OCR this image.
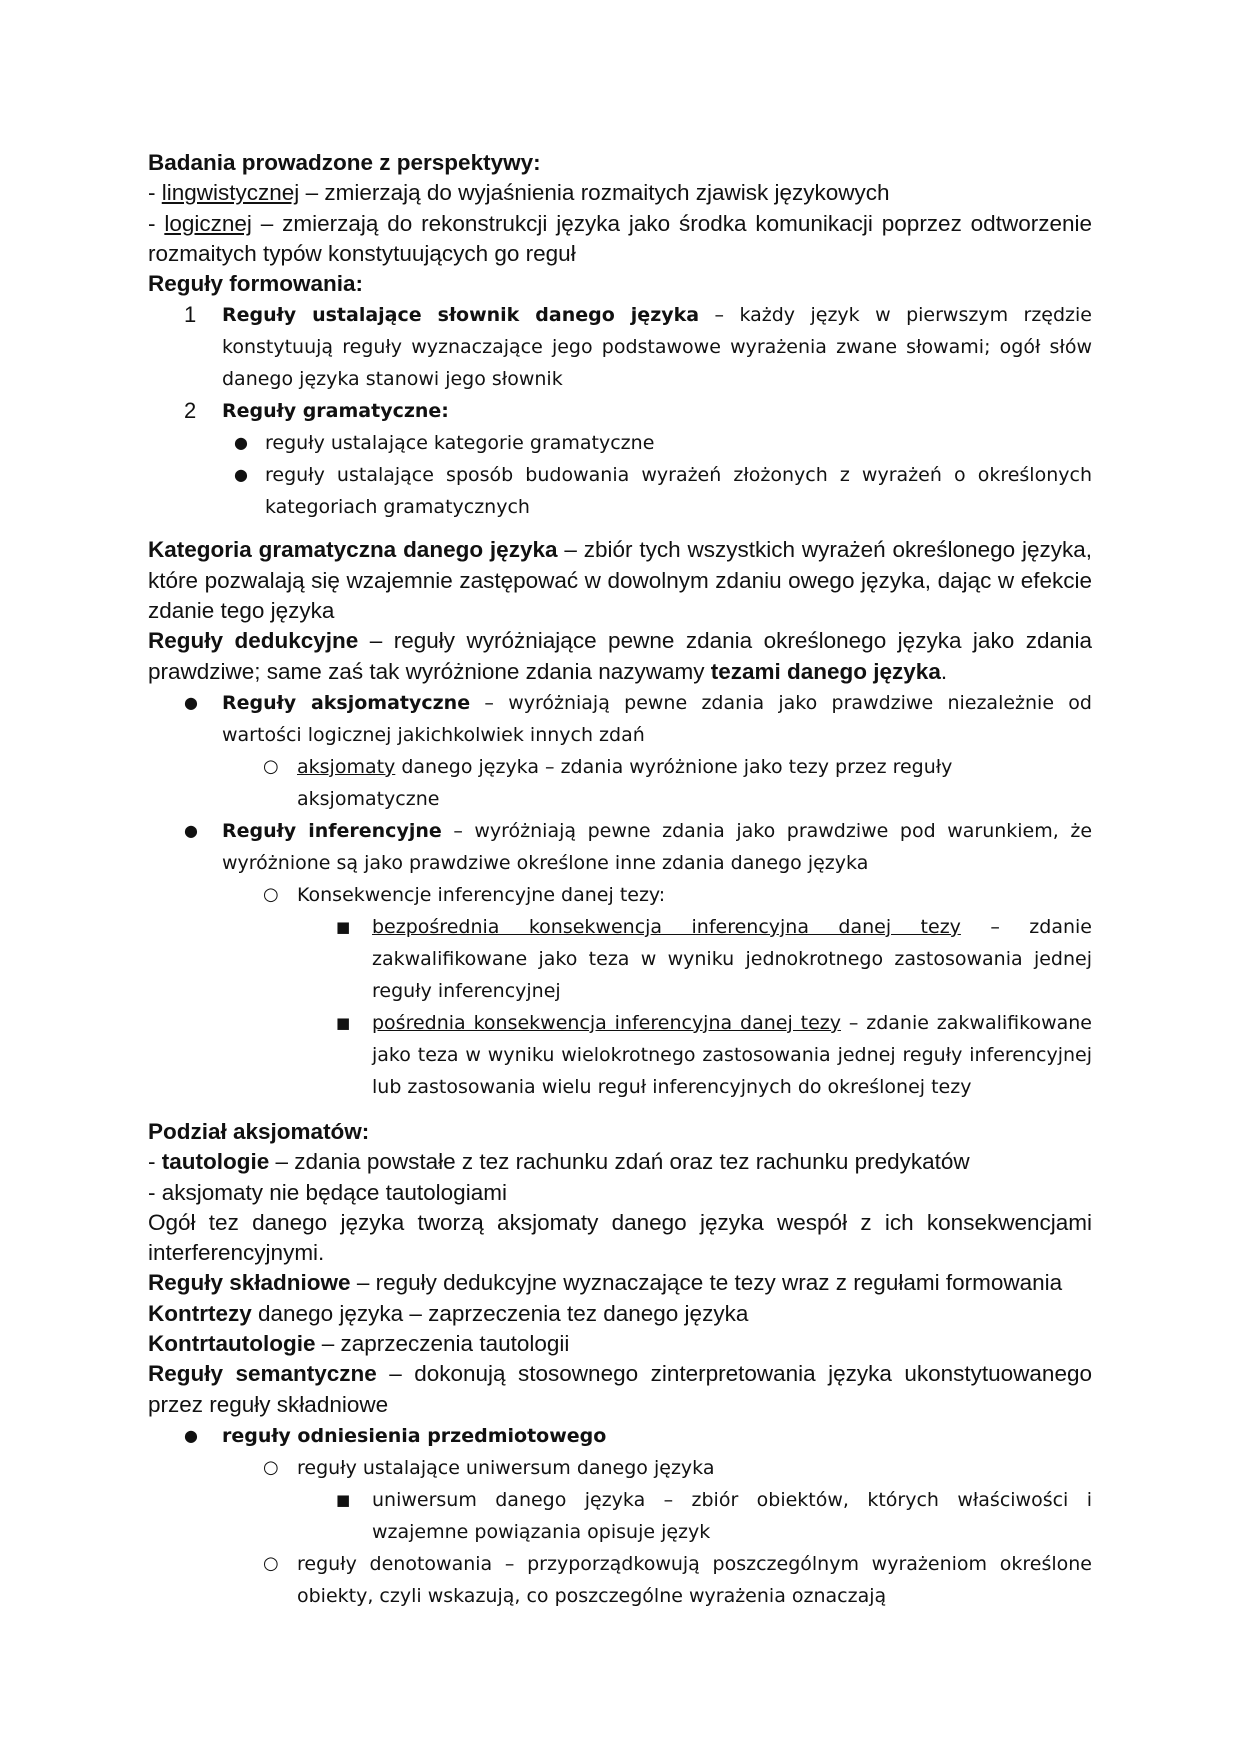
Badania prowadzone z perspektywy:

- lingwistycznej – zmierzają do wyjaśnienia rozmaitych zjawisk językowych

- logicznej – zmierzają do rekonstrukcji języka jako środka komunikacji poprzez odtworzenie rozmaitych typów konstytuujących go reguł

Reguły formowania:

1 Reguły ustalające słownik danego języka – każdy język w pierwszym rzędzie konstytuują reguły wyznaczające jego podstawowe wyrażenia zwane słowami; ogół słów danego języka stanowi jego słownik
2 Reguły gramatyczne:
● reguły ustalające kategorie gramatyczne
● reguły ustalające sposób budowania wyrażeń złożonych z wyrażeń o określonych kategoriach gramatycznych

Kategoria gramatyczna danego języka – zbiór tych wszystkich wyrażeń określonego języka, które pozwalają się wzajemnie zastępować w dowolnym zdaniu owego języka, dając w efekcie zdanie tego języka

Reguły dedukcyjne – reguły wyróżniające pewne zdania określonego języka jako zdania prawdziwe; same zaś tak wyróżnione zdania nazywamy tezami danego języka.

● Reguły aksjomatyczne – wyróżniają pewne zdania jako prawdziwe niezależnie od wartości logicznej jakichkolwiek innych zdań
○ aksjomaty danego języka – zdania wyróżnione jako tezy przez reguły aksjomatyczne
● Reguły inferencyjne – wyróżniają pewne zdania jako prawdziwe pod warunkiem, że wyróżnione są jako prawdziwe określone inne zdania danego języka
○ Konsekwencje inferencyjne danej tezy:
■ bezpośrednia konsekwencja inferencyjna danej tezy – zdanie zakwalifikowane jako teza w wyniku jednokrotnego zastosowania jednej reguły inferencyjnej
■ pośrednia konsekwencja inferencyjna danej tezy – zdanie zakwalifikowane jako teza w wyniku wielokrotnego zastosowania jednej reguły inferencyjnej lub zastosowania wielu reguł inferencyjnych do określonej tezy

Podział aksjomatów:

- tautologie – zdania powstałe z tez rachunku zdań oraz tez rachunku predykatów

- aksjomaty nie będące tautologiami

Ogół tez danego języka tworzą aksjomaty danego języka wespół z ich konsekwencjami interferencyjnymi.

Reguły składniowe – reguły dedukcyjne wyznaczające te tezy wraz z regułami formowania

Kontrtezy danego języka – zaprzeczenia tez danego języka

Kontrtautologie – zaprzeczenia tautologii

Reguły semantyczne – dokonują stosownego zinterpretowania języka ukonstytuowanego przez reguły składniowe

● reguły odniesienia przedmiotowego
○ reguły ustalające uniwersum danego języka
■ uniwersum danego języka – zbiór obiektów, których właściwości i wzajemne powiązania opisuje język
○ reguły denotowania – przyporządkowują poszczególnym wyrażeniom określone obiekty, czyli wskazują, co poszczególne wyrażenia oznaczają
